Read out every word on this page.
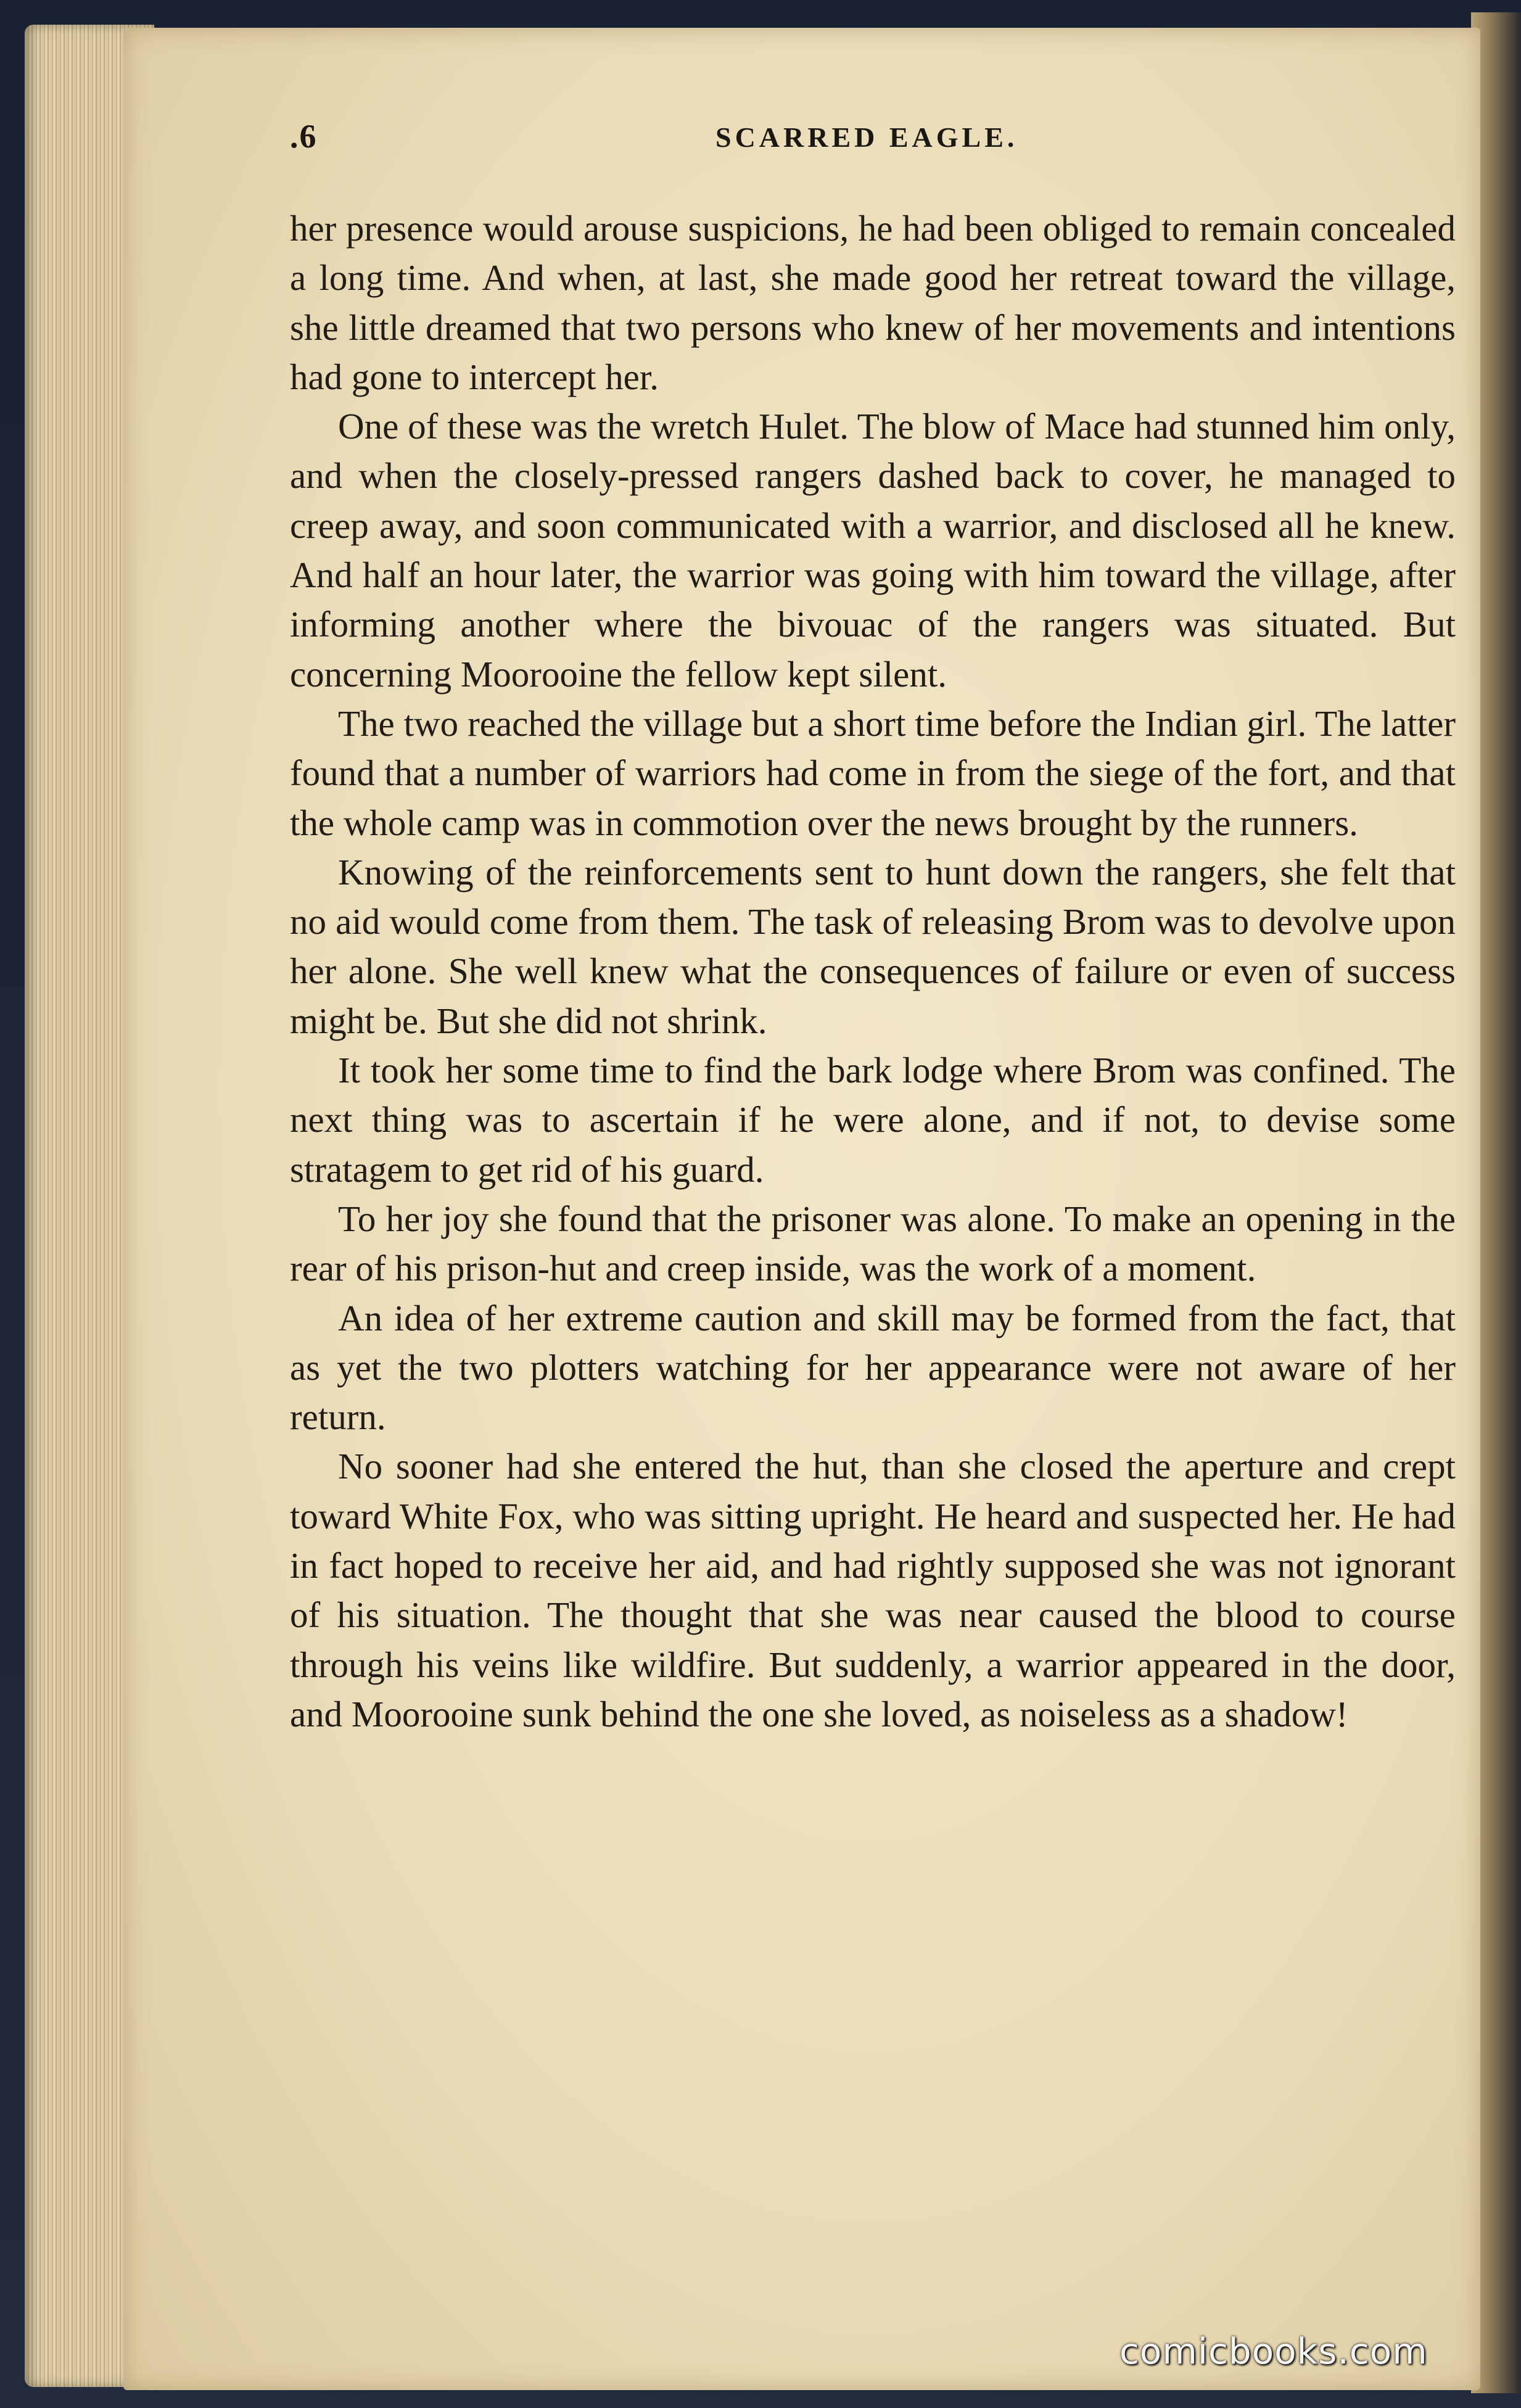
.6	SCARRED EAGLE.

her presence would arouse suspicions, he had been obliged to remain concealed a long time. And when, at last, she made good her retreat toward the village, she little dreamed that two persons who knew of her movements and intentions had gone to intercept her.

One of these was the wretch Hulet. The blow of Mace had stunned him only, and when the closely-pressed rangers dashed back to cover, he managed to creep away, and soon communicated with a warrior, and disclosed all he knew. And half an hour later, the warrior was going with him toward the village, after informing another where the bivouac of the rangers was situated. But concerning Moorooine the fellow kept silent.

The two reached the village but a short time before the Indian girl. The latter found that a number of warriors had come in from the siege of the fort, and that the whole camp was in commotion over the news brought by the runners.

Knowing of the reinforcements sent to hunt down the rangers, she felt that no aid would come from them. The task of releasing Brom was to devolve upon her alone. She well knew what the consequences of failure or even of success might be. But she did not shrink.

It took her some time to find the bark lodge where Brom was confined. The next thing was to ascertain if he were alone, and if not, to devise some stratagem to get rid of his guard.

To her joy she found that the prisoner was alone. To make an opening in the rear of his prison-hut and creep inside, was the work of a moment.

An idea of her extreme caution and skill may be formed from the fact, that as yet the two plotters watching for her appearance were not aware of her return.

No sooner had she entered the hut, than she closed the aperture and crept toward White Fox, who was sitting upright. He heard and suspected her. He had in fact hoped to receive her aid, and had rightly supposed she was not ignorant of his situation. The thought that she was near caused the blood to course through his veins like wildfire. But suddenly, a warrior appeared in the door, and Moorooine sunk behind the one she loved, as noiseless as a shadow!

comicbooks.com
